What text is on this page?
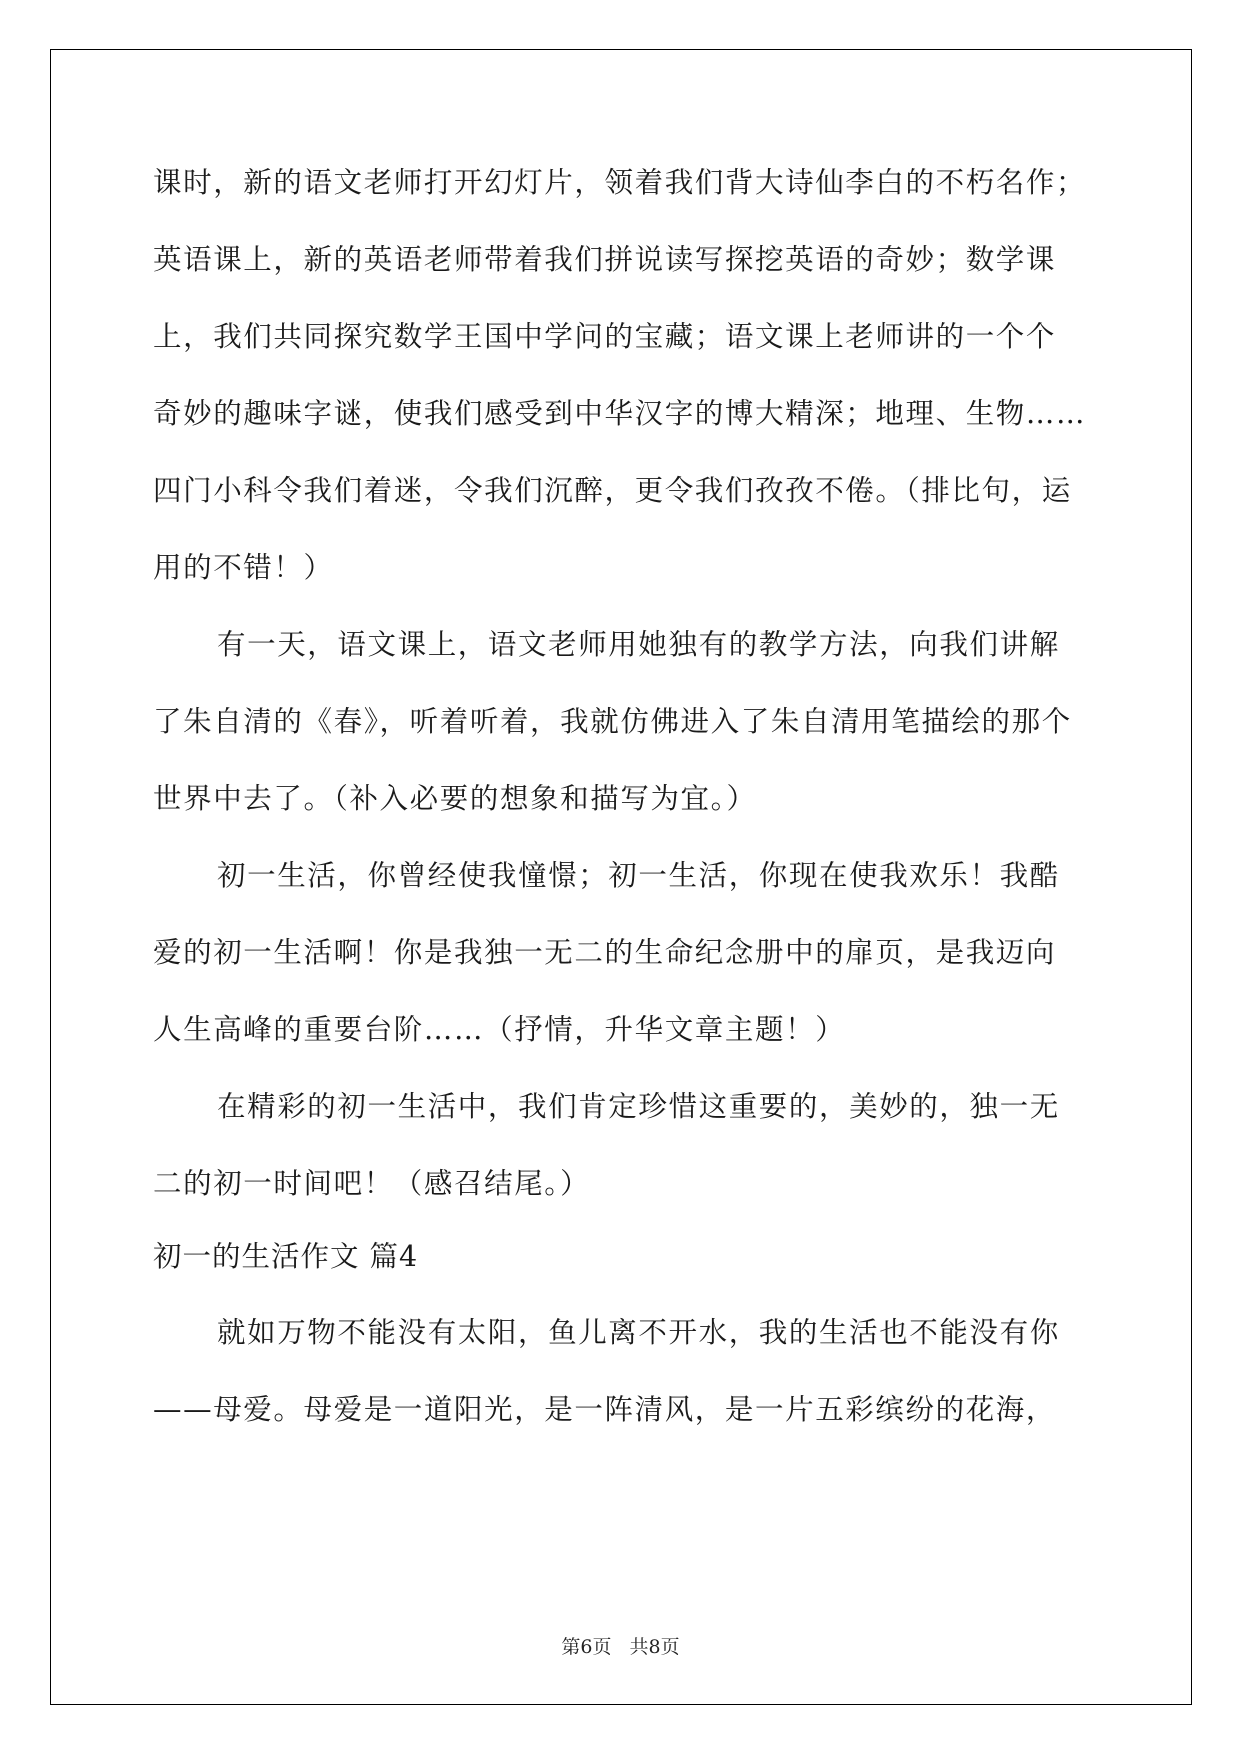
课时，新的语文老师打开幻灯片，领着我们背大诗仙李白的不朽名作；
英语课上，新的英语老师带着我们拼说读写探挖英语的奇妙；数学课
上，我们共同探究数学王国中学问的宝藏；语文课上老师讲的一个个
奇妙的趣味字谜，使我们感受到中华汉字的博大精深；地理、生物……
四门小科令我们着迷，令我们沉醉，更令我们孜孜不倦。（排比句，运
用的不错！）
有一天，语文课上，语文老师用她独有的教学方法，向我们讲解
了朱自清的《春》，听着听着，我就仿佛进入了朱自清用笔描绘的那个
世界中去了。（补入必要的想象和描写为宜。）
初一生活，你曾经使我憧憬；初一生活，你现在使我欢乐！我酷
爱的初一生活啊！你是我独一无二的生命纪念册中的扉页，是我迈向
人生高峰的重要台阶……（抒情，升华文章主题！）
在精彩的初一生活中，我们肯定珍惜这重要的，美妙的，独一无
二的初一时间吧！（感召结尾。）
初一的生活作文 篇4
就如万物不能没有太阳，鱼儿离不开水，我的生活也不能没有你
——母爱。母爱是一道阳光，是一阵清风，是一片五彩缤纷的花海，
第6页 共8页
